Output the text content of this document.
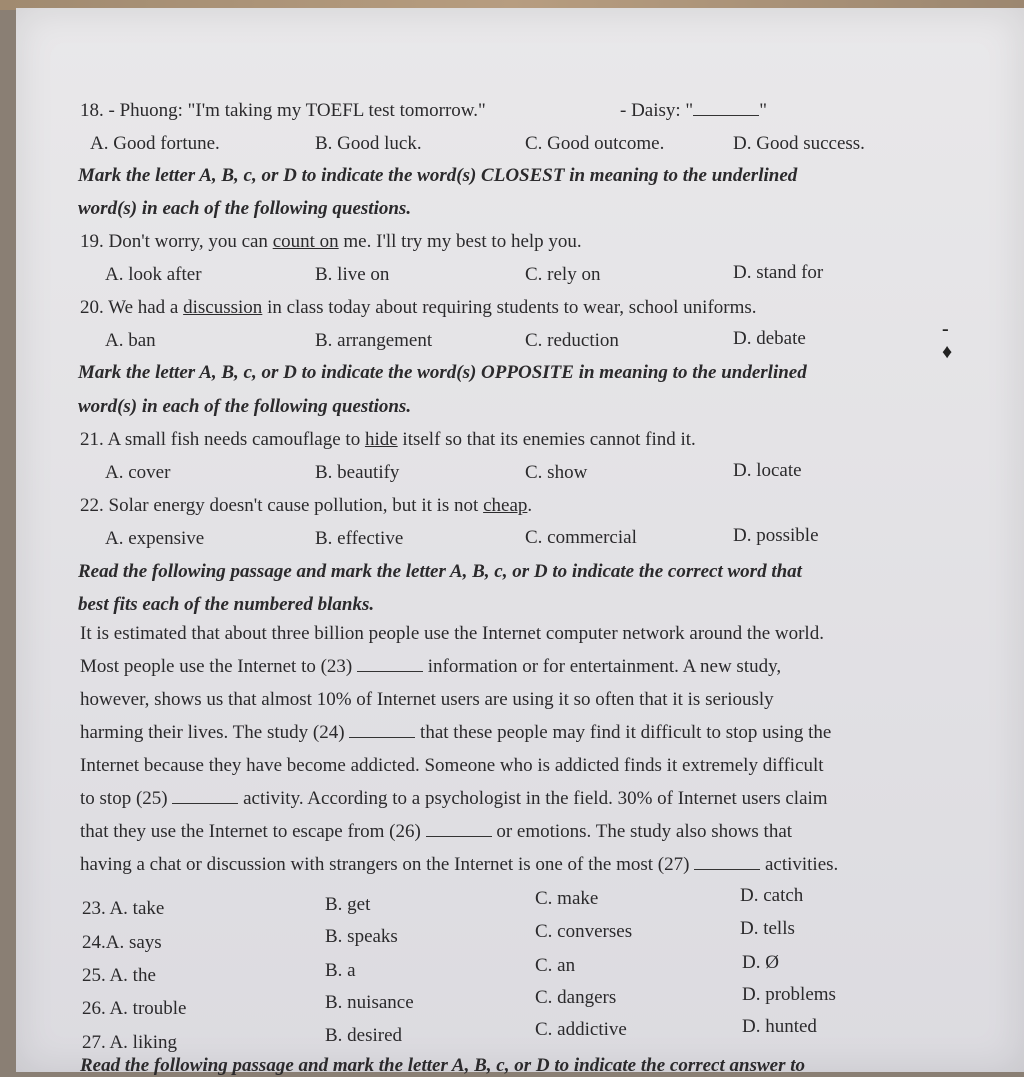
18. - Phuong: "I'm taking my TOEFL test tomorrow."	- Daisy: "	"
A. Good fortune.	B. Good luck.	C. Good outcome.	D. Good success.
Mark the letter A, B, c, or D to indicate the word(s) CLOSEST in meaning to the underlined
word(s) in each of the following questions.
19. Don't worry, you can count on me. I'll try my best to help you.
A. look after	B. live on	C. rely on	D. stand for
20. We had a discussion in class today about requiring students to wear, school uniforms.
A. ban	B. arrangement	C. reduction	D. debate	- ♦
Mark the letter A, B, c, or D to indicate the word(s) OPPOSITE in meaning to the underlined
word(s) in each of the following questions.
21. A small fish needs camouflage to hide itself so that its enemies cannot find it.
A. cover	B. beautify	C. show	D. locate
22. Solar energy doesn't cause pollution, but it is not cheap.
A. expensive	B. effective	C. commercial	D. possible
Read the following passage and mark the letter A, B, c, or D to indicate the correct word that
best fits each of the numbered blanks.
It is estimated that about three billion people use the Internet computer network around the world.
Most people use the Internet to (23)	information or for entertainment. A new study,
however, shows us that almost 10% of Internet users are using it so often that it is seriously
harming their lives. The study (24)	that these people may find it difficult to stop using the
Internet because they have become addicted. Someone who is addicted finds it extremely difficult
to stop (25)	activity. According to a psychologist in the field. 30% of Internet users claim
that they use the Internet to escape from (26)	or emotions. The study also shows that
having a chat or discussion with strangers on the Internet is one of the most (27)	activities.
23. A. take	B. get	C. make	D. catch
24.A. says	B. speaks	C. converses	D. tells
25. A. the	B. a	C. an	D. Ø
26. A. trouble	B. nuisance	C. dangers	D. problems
27. A. liking	B. desired	C. addictive	D. hunted
Read the following passage and mark the letter A, B, c, or D to indicate the correct answer to
